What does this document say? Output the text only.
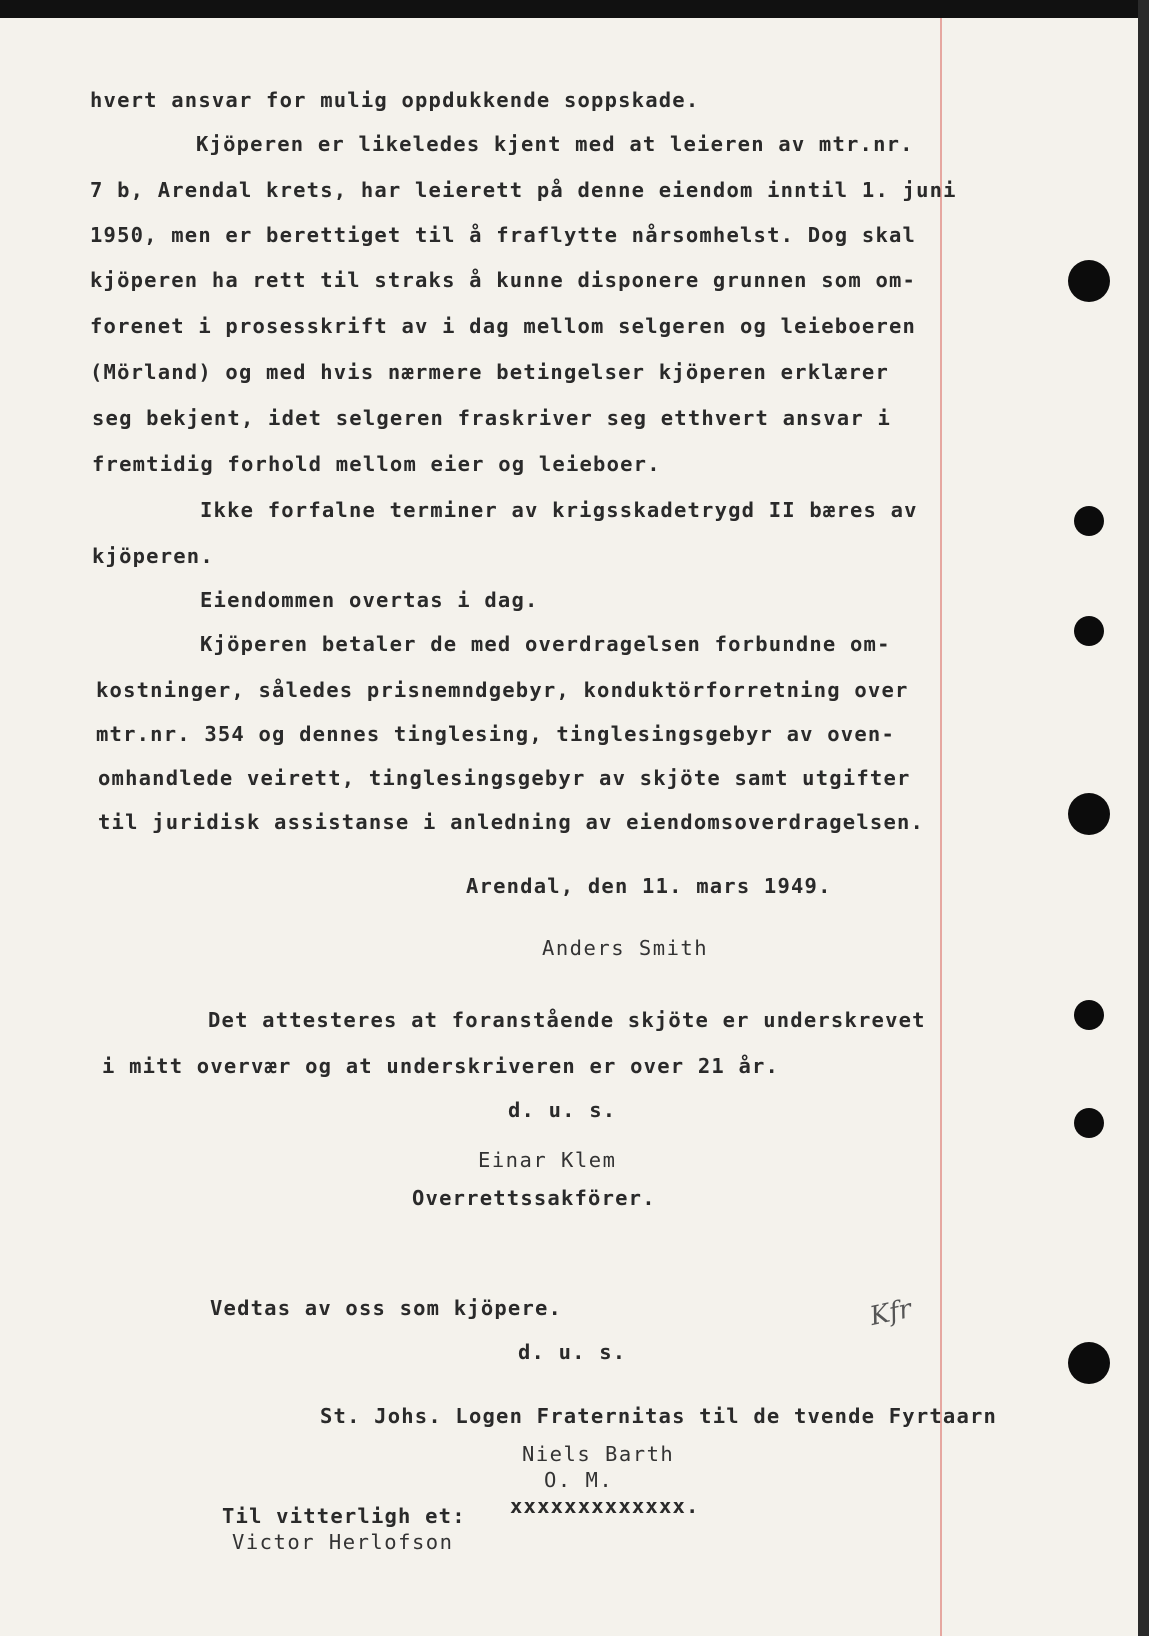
hvert ansvar for mulig oppdukkende soppskade.
Kjöperen er likeledes kjent med at leieren av mtr.nr.
7 b, Arendal krets, har leierett på denne eiendom inntil 1. juni
1950, men er berettiget til å fraflytte nårsomhelst. Dog skal
kjöperen ha rett til straks å kunne disponere grunnen som om-
forenet i prosesskrift av i dag mellom selgeren og leieboeren
(Mörland) og med hvis nærmere betingelser kjöperen erklærer
seg bekjent, idet selgeren fraskriver seg etthvert ansvar i
fremtidig forhold mellom eier og leieboer.
Ikke forfalne terminer av krigsskadetrygd II bæres av
kjöperen.
Eiendommen overtas i dag.
Kjöperen betaler de med overdragelsen forbundne om-
kostninger, således prisnemndgebyr, konduktörforretning over
mtr.nr. 354 og dennes tinglesing, tinglesingsgebyr av oven-
omhandlede veirett, tinglesingsgebyr av skjöte samt utgifter
til juridisk assistanse i anledning av eiendomsoverdragelsen.
Arendal, den 11. mars 1949.
Anders Smith
Det attesteres at foranstående skjöte er underskrevet
i mitt overvær og at underskriveren er over 21 år.
d. u. s.
Einar Klem
Overrettssakförer.
Kfr
Vedtas av oss som kjöpere.
d. u. s.
St. Johs. Logen Fraternitas til de tvende Fyrtaarn
Niels Barth
O. M.
Til vitterligh et: xxxxxxxxxxxxx.
Victor Herlofson
